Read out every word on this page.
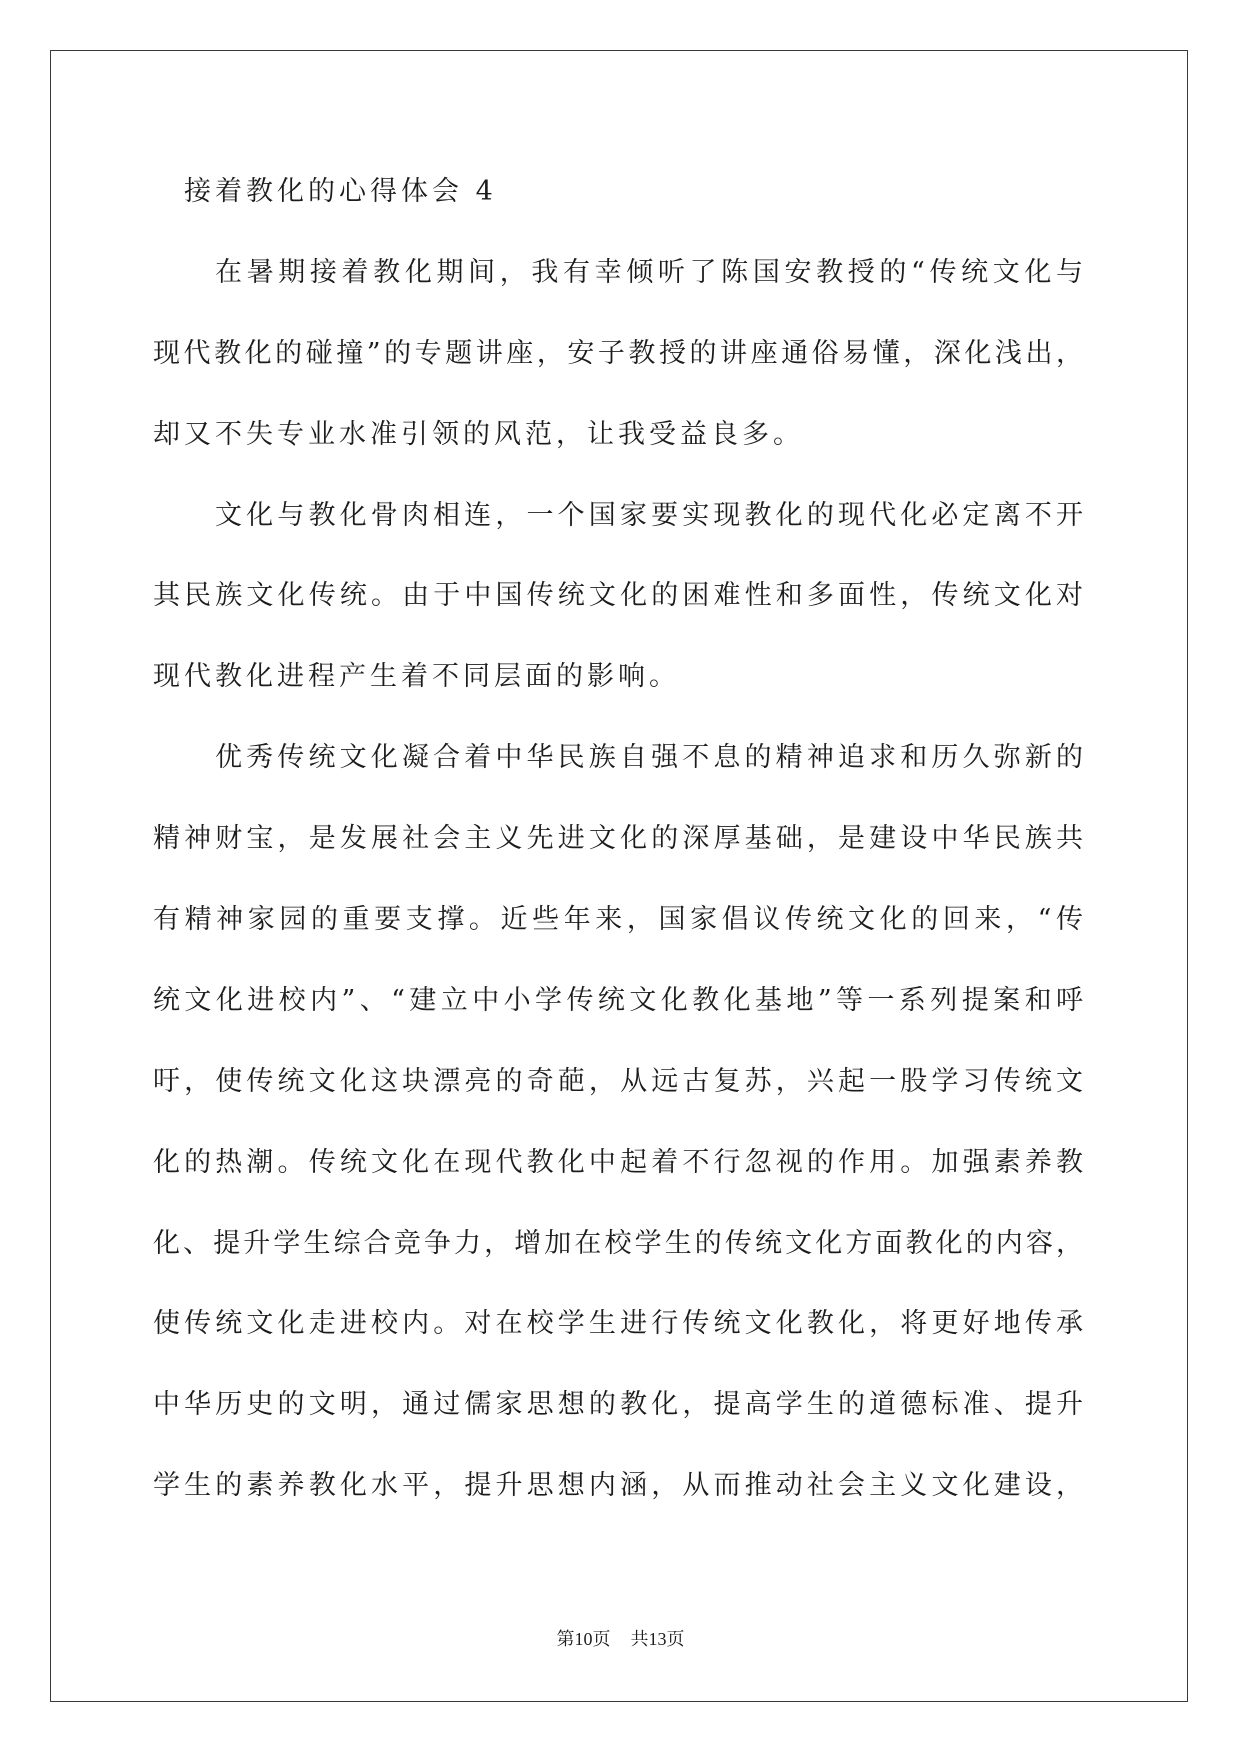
接着教化的心得体会 4
在暑期接着教化期间，我有幸倾听了陈国安教授的“传统文化与
现代教化的碰撞”的专题讲座，安子教授的讲座通俗易懂，深化浅出，
却又不失专业水准引领的风范，让我受益良多。
文化与教化骨肉相连，一个国家要实现教化的现代化必定离不开
其民族文化传统。由于中国传统文化的困难性和多面性，传统文化对
现代教化进程产生着不同层面的影响。
优秀传统文化凝合着中华民族自强不息的精神追求和历久弥新的
精神财宝，是发展社会主义先进文化的深厚基础，是建设中华民族共
有精神家园的重要支撑。近些年来，国家倡议传统文化的回来，“传
统文化进校内”、“建立中小学传统文化教化基地”等一系列提案和呼
吁，使传统文化这块漂亮的奇葩，从远古复苏，兴起一股学习传统文
化的热潮。传统文化在现代教化中起着不行忽视的作用。加强素养教
化、提升学生综合竞争力，增加在校学生的传统文化方面教化的内容，
使传统文化走进校内。对在校学生进行传统文化教化，将更好地传承
中华历史的文明，通过儒家思想的教化，提高学生的道德标准、提升
学生的素养教化水平，提升思想内涵，从而推动社会主义文化建设，
第10页 共13页
